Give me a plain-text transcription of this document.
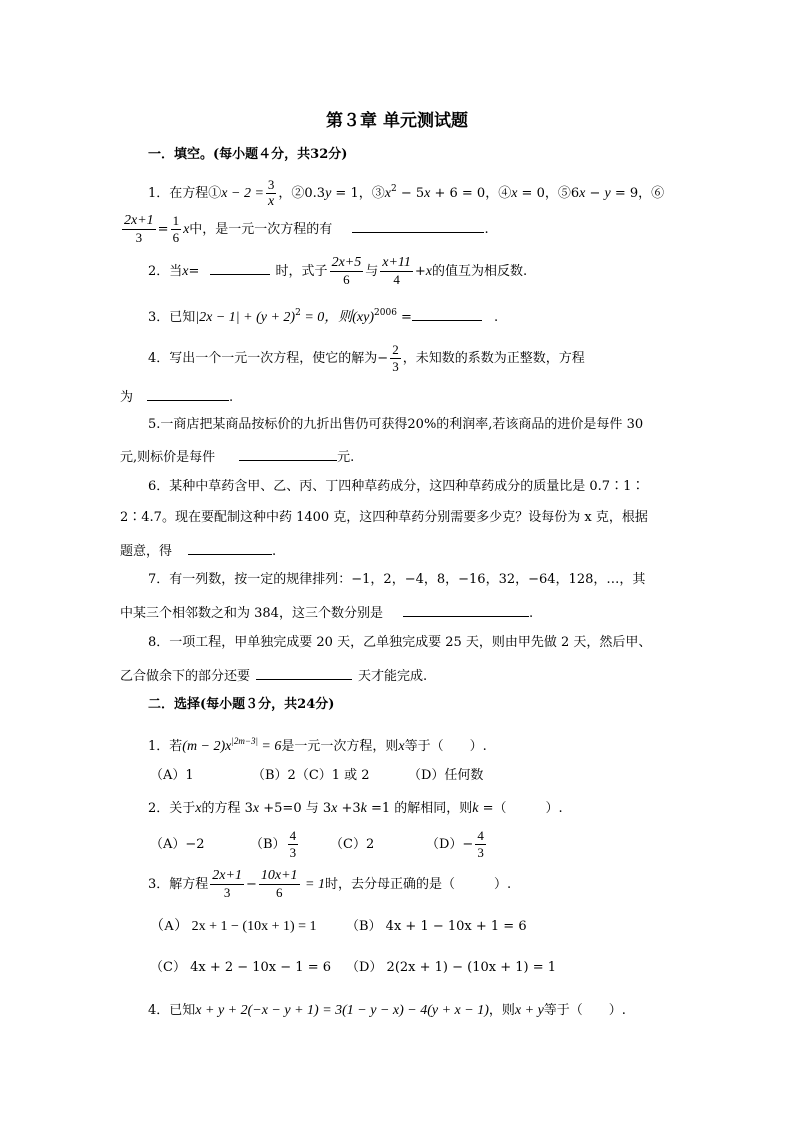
第３章 单元测试题
一．填空。(每小题４分，共32分)
1．在方程①x − $2 = \frac{3}{x}$ ，②0.3y = 1，$③x^2 - 5x + 6 = 0$，④x = 0，⑤6x − y = 9，⑥
$\frac{2x+1}{3} = \frac{1}{6}$ x中，是一元一次方程的有	.
2．当x=	时，式子 $\frac{2x+5}{6}$ 与 $\frac{x+11}{4} +x$的值互为相反数.
3．已知$|2x - 1| + (y + 2)^2 = 0$，则(xy)$^{2006}$ =	.
4．写出一个一元一次方程，使它的解为− $\frac{2}{3}$ ，未知数的系数为正整数，方程
为	.
5.一商店把某商品按标价的九折出售仍可获得20%的利润率,若该商品的进价是每件 30
元,则标价是每件	元.
6．某种中草药含甲、乙、丙、丁四种草药成分，这四种草药成分的质量比是 0.7∶1∶
2∶4.7。现在要配制这种中药 1400 克，这四种草药分别需要多少克？设每份为 x 克，根据
题意，得	.
7．有一列数，按一定的规律排列：−1，2，−4，8，−16，32，−64，128，…，其
中某三个相邻数之和为 384，这三个数分别是	.
8．一项工程，甲单独完成要 20 天，乙单独完成要 25 天，则由甲先做 2 天，然后甲、
乙合做余下的部分还要	天才能完成.
二．选择(每小题３分，共24分)
1．若$(m - 2)x^{|2m-3|} = 6$是一元一次方程，则x等于（　　）.
（A）1	（B）2（C）1 或 2	（D）任何数
2．关于x的方程 3x +5=0 与 3x +3k =1 的解相同，则k =（　　　）.
（A）−2	$(B) \frac{4}{3} (C)2$	$(D)- \frac{4}{3}$
3．解方程 $\frac{2x+1}{3} - \frac{10x+1}{6} = 1$时，去分母正确的是（　　　）.
（A） 2x + 1 − (10x + 1) = 1 （B） 4x + 1 − 10x + 1 = 6
（C） 4x + 2 − 10x − 1 = 6 （D） 2(2x + 1) − (10x + 1) = 1
4．已知x + y + 2(−x − y + 1) = 3(1 − y − x) − 4(y + x − 1)，则x + y等于（　　）.
